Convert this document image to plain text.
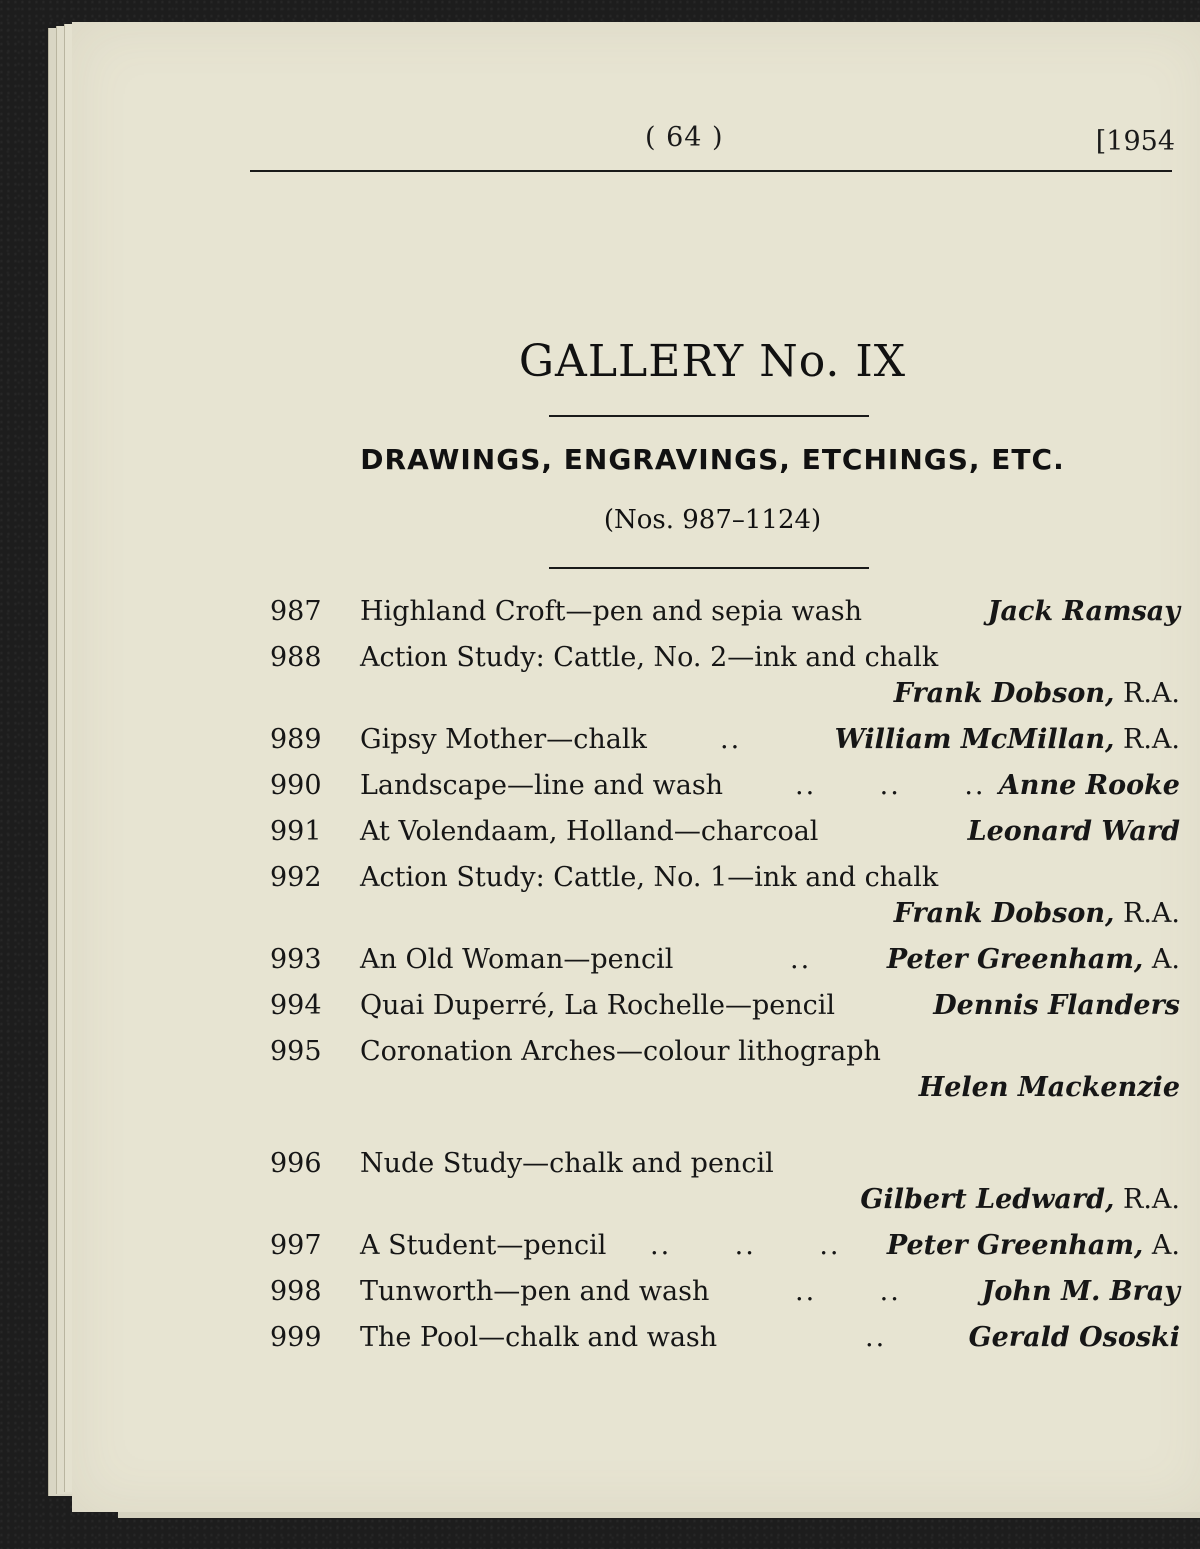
( 64 )	[1954
GALLERY No. IX
DRAWINGS, ENGRAVINGS, ETCHINGS, ETC.
(Nos. 987–1124)
987	Highland Croft—pen and sepia wash	Jack Ramsay
988	Action Study: Cattle, No. 2—ink and chalk
Frank Dobson, R.A.
989	Gipsy Mother—chalk	..	William McMillan, R.A.
990	Landscape—line and wash	..      ..      .. Anne Rooke
991	At Volendaam, Holland—charcoal	Leonard Ward
992	Action Study: Cattle, No. 1—ink and chalk
Frank Dobson, R.A.
993	An Old Woman—pencil	..	Peter Greenham, A.
994	Quai Duperré, La Rochelle—pencil	Dennis Flanders
995	Coronation Arches—colour lithograph
Helen Mackenzie
996	Nude Study—chalk and pencil
Gilbert Ledward, R.A.
997	A Student—pencil ..      ..      .. Peter Greenham, A.
998	Tunworth—pen and wash	..      ..	John M. Bray
999	The Pool—chalk and wash	..	Gerald Ososki
